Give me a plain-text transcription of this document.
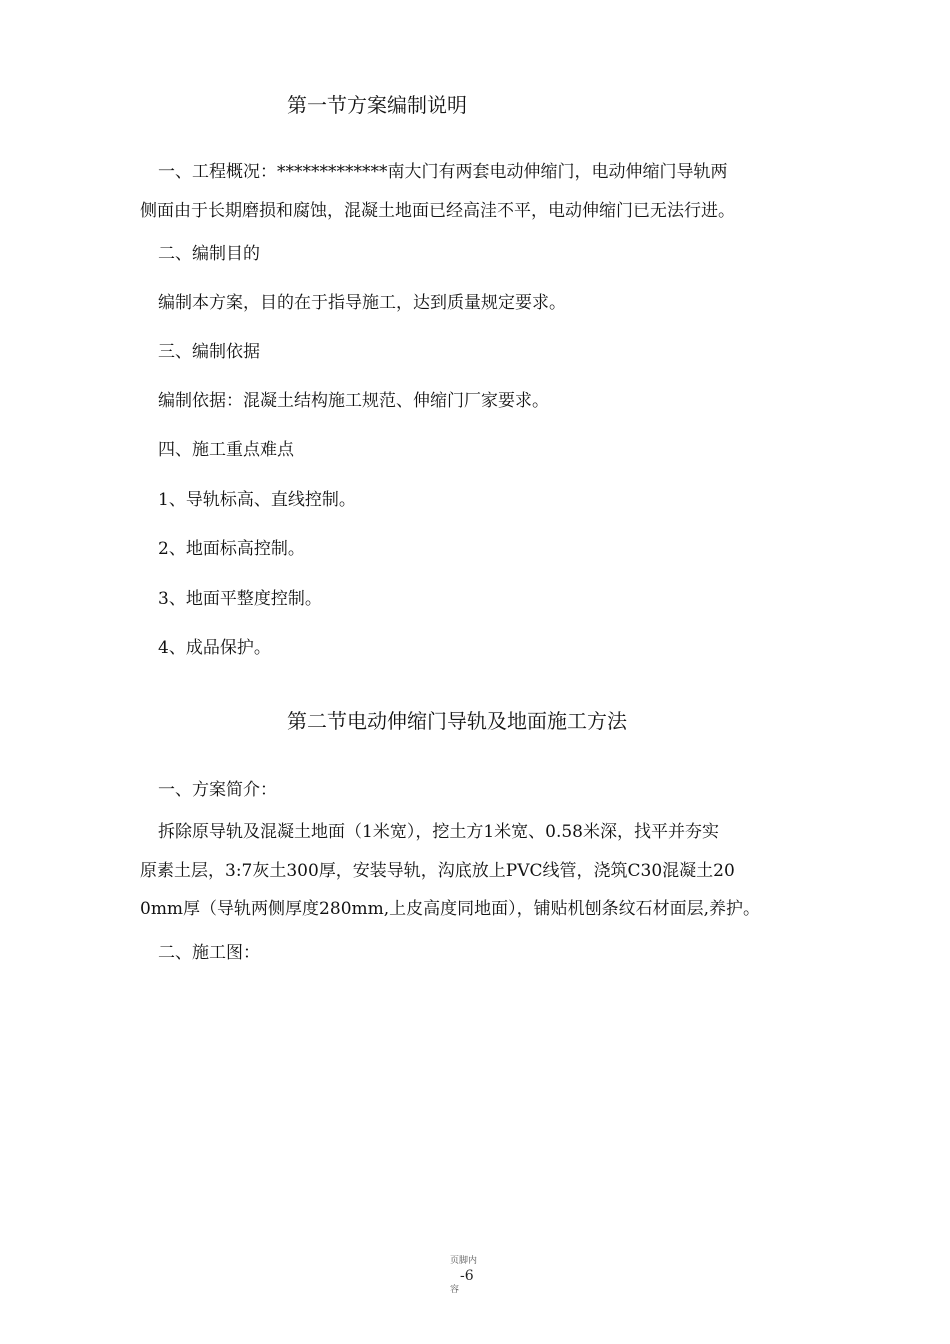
第一节方案编制说明
一、工程概况：*************南大门有两套电动伸缩门，电动伸缩门导轨两
侧面由于长期磨损和腐蚀，混凝土地面已经高洼不平，电动伸缩门已无法行进。
二、编制目的
编制本方案，目的在于指导施工，达到质量规定要求。
三、编制依据
编制依据：混凝土结构施工规范、伸缩门厂家要求。
四、施工重点难点
1、导轨标高、直线控制。
2、地面标高控制。
3、地面平整度控制。
4、成品保护。
第二节电动伸缩门导轨及地面施工方法
一、方案简介：
拆除原导轨及混凝土地面（1米宽），挖土方1米宽、0.58米深，找平并夯实
原素土层，3:7灰土300厚，安装导轨，沟底放上PVC线管，浇筑C30混凝土20
0mm厚（导轨两侧厚度280mm,上皮高度同地面），铺贴机刨条纹石材面层,养护。
二、施工图：
页脚内
-6
容
